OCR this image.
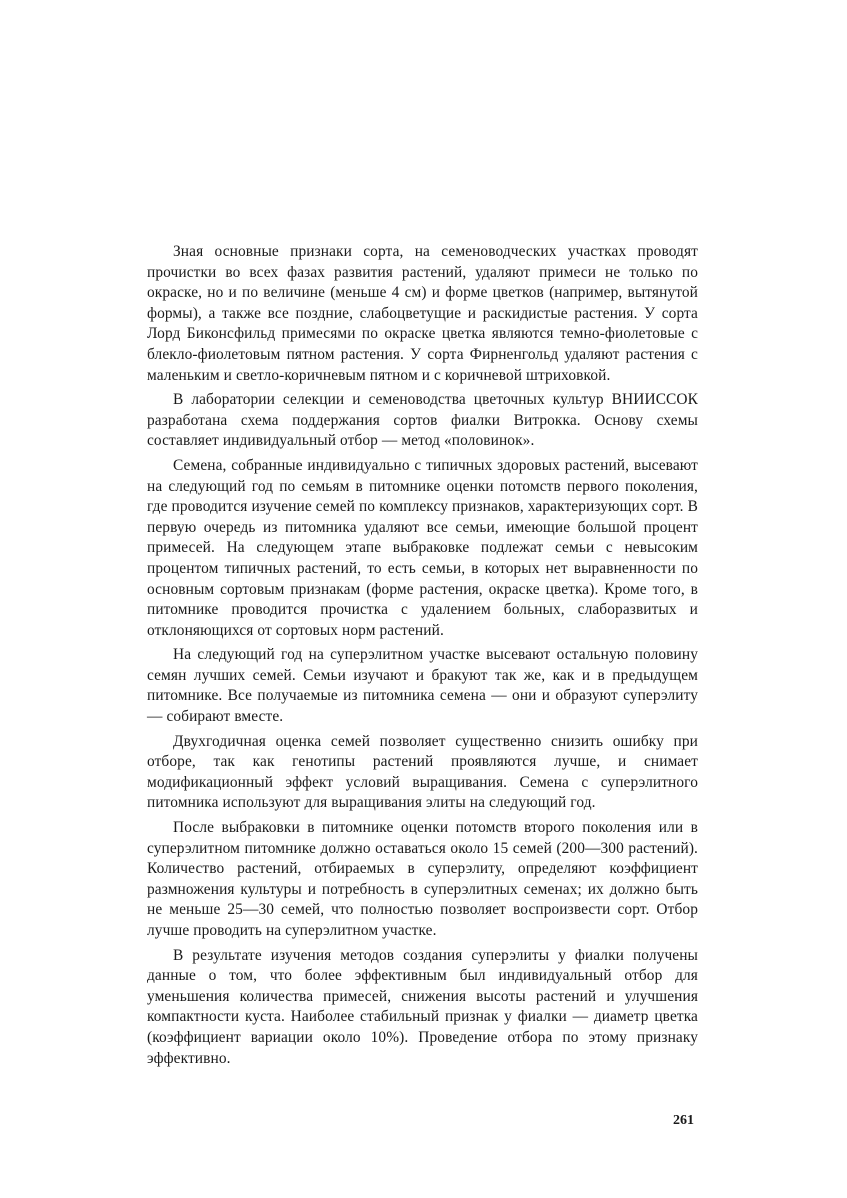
Зная основные признаки сорта, на семеноводческих участках проводят прочистки во всех фазах развития растений, удаляют примеси не только по окраске, но и по величине (меньше 4 см) и форме цветков (например, вытянутой формы), а также все поздние, слабоцветущие и раскидистые растения. У сорта Лорд Биконсфильд примесями по окраске цветка являются темно-фиолетовые с блекло-фиолетовым пятном растения. У сорта Фирненгольд удаляют растения с маленьким и светло-коричневым пятном и с коричневой штриховкой.

В лаборатории селекции и семеноводства цветочных культур ВНИИССОК разработана схема поддержания сортов фиалки Витрокка. Основу схемы составляет индивидуальный отбор — метод «половинок».

Семена, собранные индивидуально с типичных здоровых растений, высевают на следующий год по семьям в питомнике оценки потомств первого поколения, где проводится изучение семей по комплексу признаков, характеризующих сорт. В первую очередь из питомника удаляют все семьи, имеющие большой процент примесей. На следующем этапе выбраковке подлежат семьи с невысоким процентом типичных растений, то есть семьи, в которых нет выравненности по основным сортовым признакам (форме растения, окраске цветка). Кроме того, в питомнике проводится прочистка с удалением больных, слаборазвитых и отклоняющихся от сортовых норм растений.

На следующий год на суперэлитном участке высевают остальную половину семян лучших семей. Семьи изучают и бракуют так же, как и в предыдущем питомнике. Все получаемые из питомника семена — они и образуют суперэлиту — собирают вместе.

Двухгодичная оценка семей позволяет существенно снизить ошибку при отборе, так как генотипы растений проявляются лучше, и снимает модификационный эффект условий выращивания. Семена с суперэлитного питомника используют для выращивания элиты на следующий год.

После выбраковки в питомнике оценки потомств второго поколения или в суперэлитном питомнике должно оставаться около 15 семей (200—300 растений). Количество растений, отбираемых в суперэлиту, определяют коэффициент размножения культуры и потребность в суперэлитных семенах; их должно быть не меньше 25—30 семей, что полностью позволяет воспроизвести сорт. Отбор лучше проводить на суперэлитном участке.

В результате изучения методов создания суперэлиты у фиалки получены данные о том, что более эффективным был индивидуальный отбор для уменьшения количества примесей, снижения высоты растений и улучшения компактности куста. Наиболее стабильный признак у фиалки — диаметр цветка (коэффициент вариации около 10%). Проведение отбора по этому признаку эффективно.

261
